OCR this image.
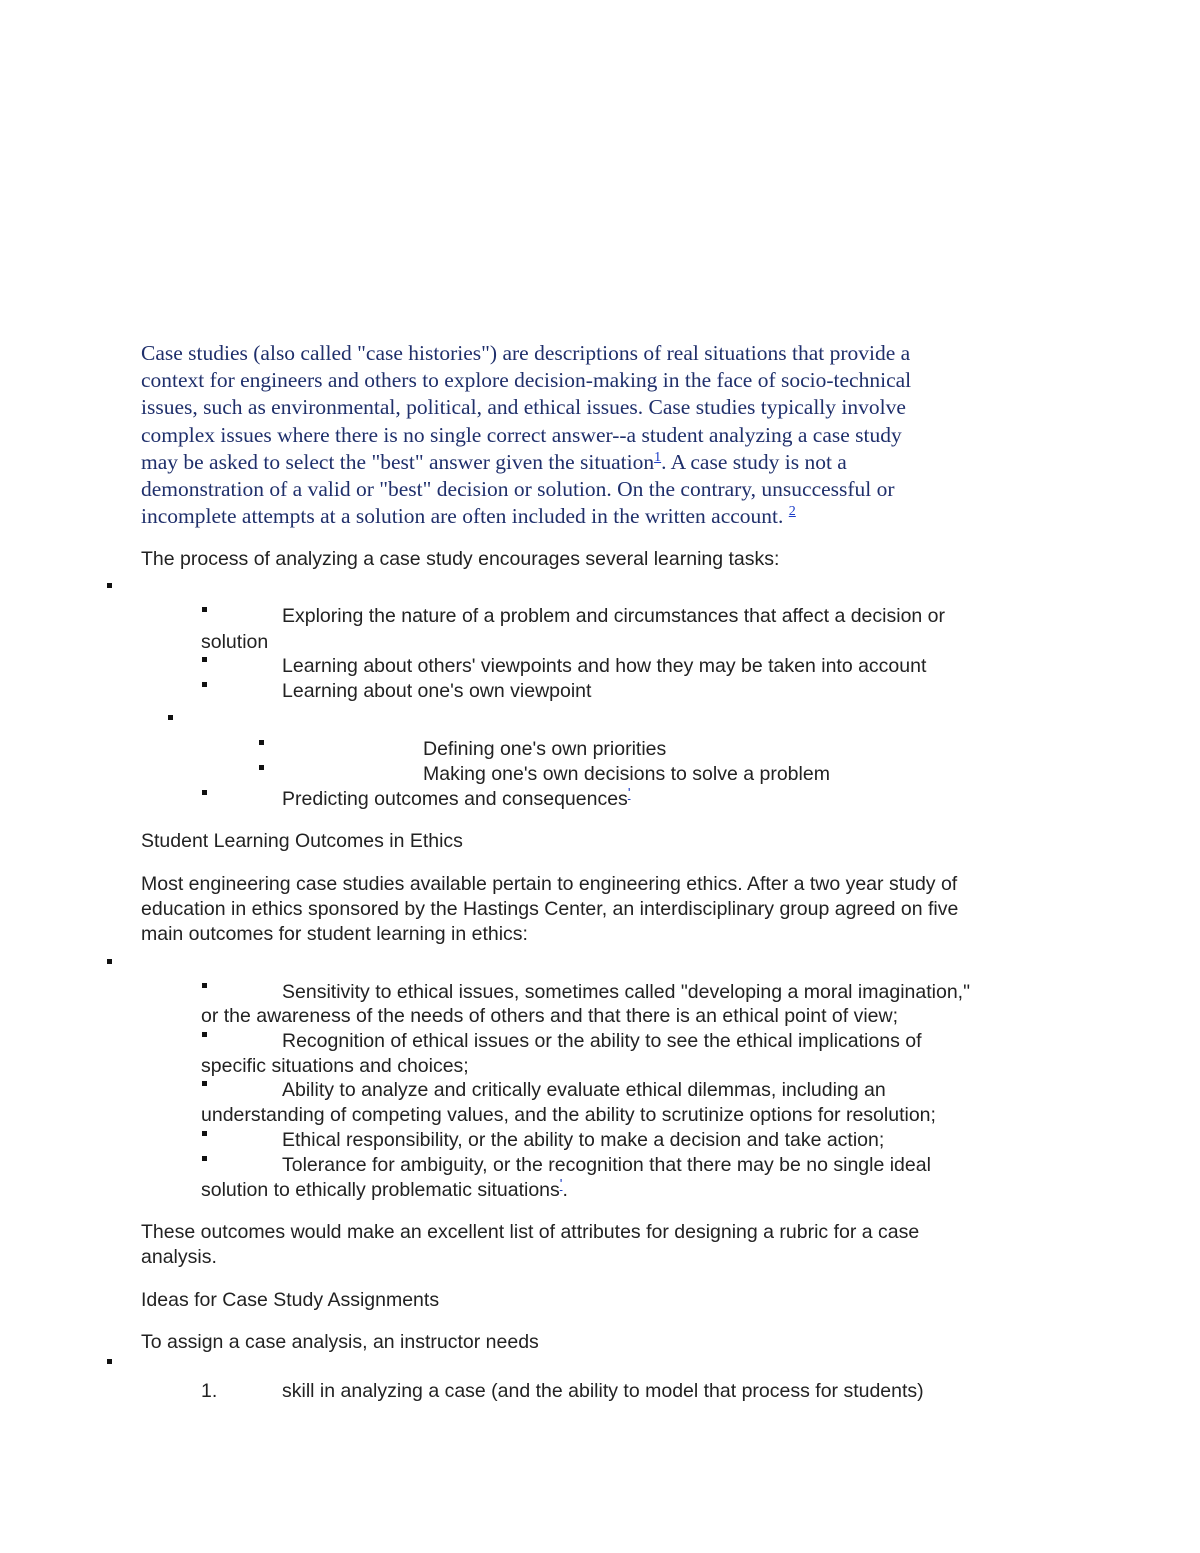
Case studies (also called "case histories") are descriptions of real situations that provide a
context for engineers and others to explore decision-making in the face of socio-technical
issues, such as environmental, political, and ethical issues. Case studies typically involve
complex issues where there is no single correct answer--a student analyzing a case study
may be asked to select the "best" answer given the situation$^1$. A case study is not a
demonstration of a valid or "best" decision or solution. On the contrary, unsuccessful or
incomplete attempts at a solution are often included in the written account. $^2$
The process of analyzing a case study encourages several learning tasks:
Exploring the nature of a problem and circumstances that affect a decision or
solution
Learning about others' viewpoints and how they may be taken into account
Learning about one's own viewpoint
Defining one's own priorities
Making one's own decisions to solve a problem
Predicting outcomes and consequences'
Student Learning Outcomes in Ethics
Most engineering case studies available pertain to engineering ethics. After a two year study of
education in ethics sponsored by the Hastings Center, an interdisciplinary group agreed on five
main outcomes for student learning in ethics:
Sensitivity to ethical issues, sometimes called "developing a moral imagination,"
or the awareness of the needs of others and that there is an ethical point of view;
Recognition of ethical issues or the ability to see the ethical implications of
specific situations and choices;
Ability to analyze and critically evaluate ethical dilemmas, including an
understanding of competing values, and the ability to scrutinize options for resolution;
Ethical responsibility, or the ability to make a decision and take action;
Tolerance for ambiguity, or the recognition that there may be no single ideal
solution to ethically problematic situations'.
These outcomes would make an excellent list of attributes for designing a rubric for a case
analysis.
Ideas for Case Study Assignments
To assign a case analysis, an instructor needs
1.	skill in analyzing a case (and the ability to model that process for students)
